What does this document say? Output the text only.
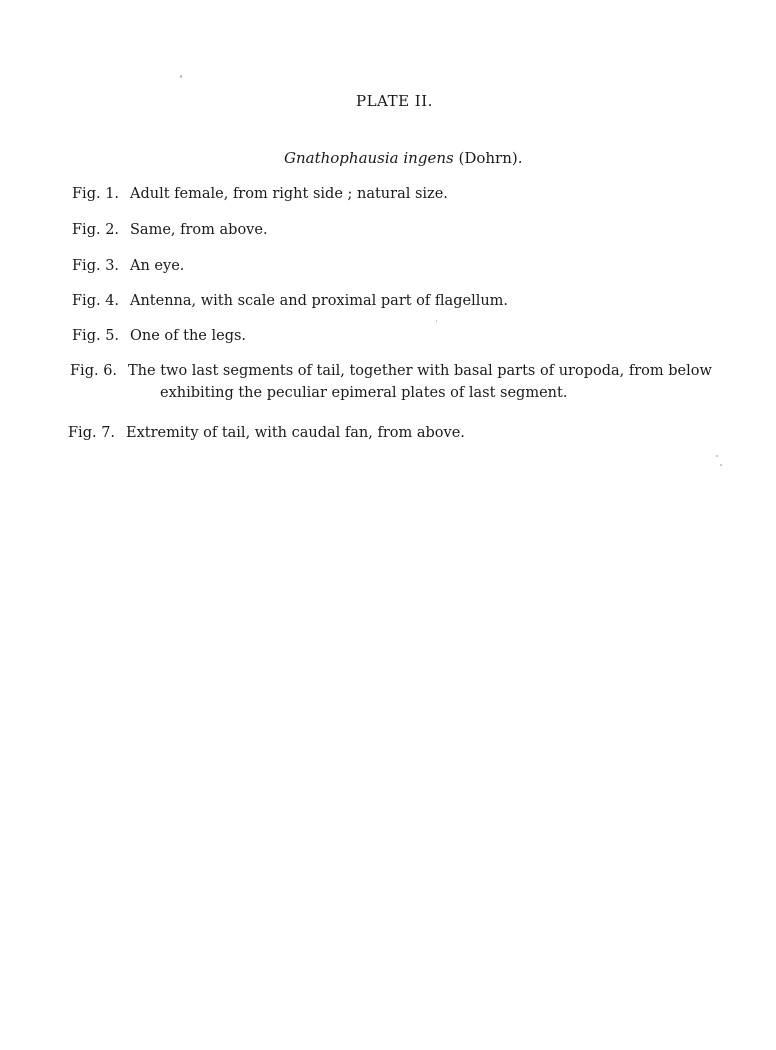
PLATE II.
Gnathophausia ingens (Dohrn).
Fig. 1. Adult female, from right side ; natural size.
Fig. 2. Same, from above.
Fig. 3. An eye.
Fig. 4. Antenna, with scale and proximal part of flagellum.
Fig. 5. One of the legs.
Fig. 6. The two last segments of tail, together with basal parts of uropoda, from below
exhibiting the peculiar epimeral plates of last segment.
Fig. 7. Extremity of tail, with caudal fan, from above.
